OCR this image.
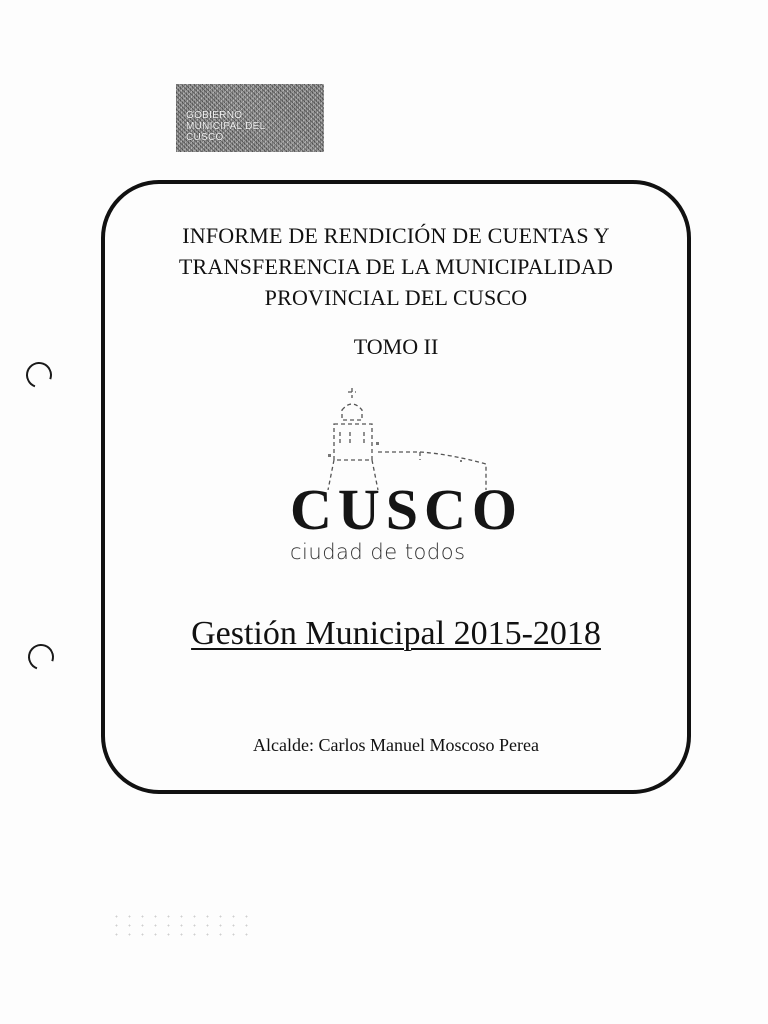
GOBIERNO
MUNICIPAL DEL
CUSCO
INFORME DE RENDICIÓN DE CUENTAS Y
TRANSFERENCIA DE LA MUNICIPALIDAD
PROVINCIAL DEL CUSCO
TOMO II
CUSCO
ciudad de todos
Gestión Municipal 2015-2018
Alcalde: Carlos Manuel Moscoso Perea
